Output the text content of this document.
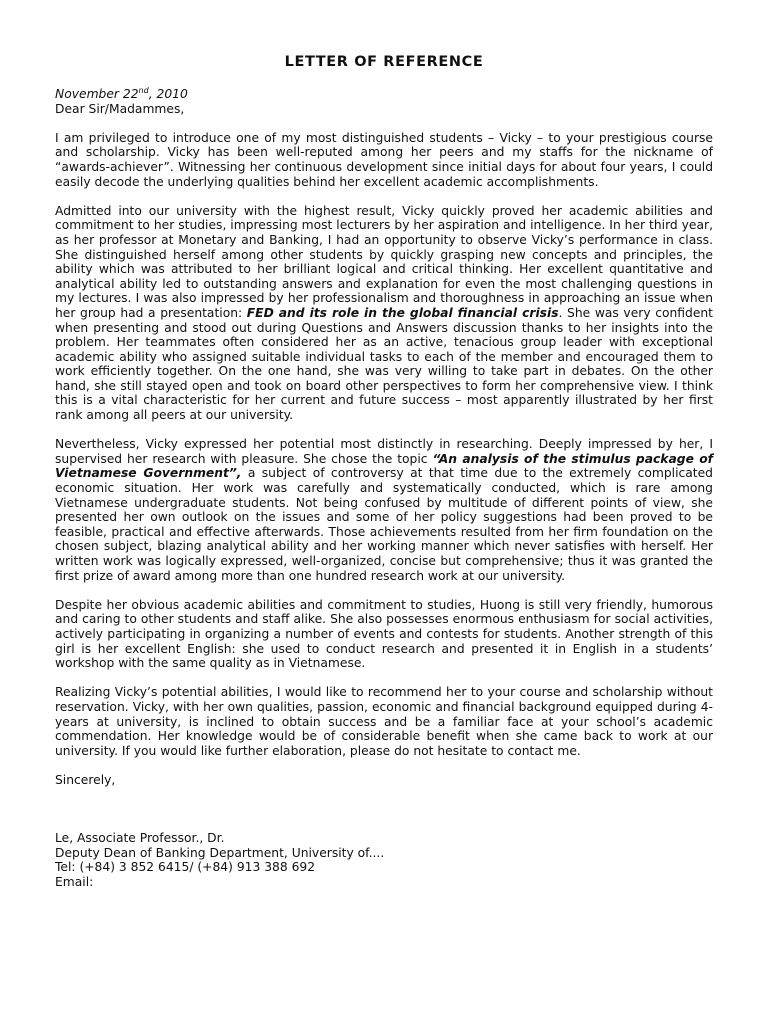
LETTER OF REFERENCE
November 22nd, 2010
Dear Sir/Madammes,

I am privileged to introduce one of my most distinguished students – Vicky – to your prestigious course and scholarship. Vicky has been well-reputed among her peers and my staffs for the nickname of “awards-achiever”. Witnessing her continuous development since initial days for about four years, I could easily decode the underlying qualities behind her excellent academic accomplishments.

Admitted into our university with the highest result, Vicky quickly proved her academic abilities and commitment to her studies, impressing most lecturers by her aspiration and intelligence. In her third year, as her professor at Monetary and Banking, I had an opportunity to observe Vicky’s performance in class. She distinguished herself among other students by quickly grasping new concepts and principles, the ability which was attributed to her brilliant logical and critical thinking. Her excellent quantitative and analytical ability led to outstanding answers and explanation for even the most challenging questions in my lectures. I was also impressed by her professionalism and thoroughness in approaching an issue when her group had a presentation: FED and its role in the global financial crisis. She was very confident when presenting and stood out during Questions and Answers discussion thanks to her insights into the problem. Her teammates often considered her as an active, tenacious group leader with exceptional academic ability who assigned suitable individual tasks to each of the member and encouraged them to work efficiently together. On the one hand, she was very willing to take part in debates. On the other hand, she still stayed open and took on board other perspectives to form her comprehensive view. I think this is a vital characteristic for her current and future success – most apparently illustrated by her first rank among all peers at our university.

Nevertheless, Vicky expressed her potential most distinctly in researching. Deeply impressed by her, I supervised her research with pleasure. She chose the topic “An analysis of the stimulus package of Vietnamese Government”, a subject of controversy at that time due to the extremely complicated economic situation. Her work was carefully and systematically conducted, which is rare among Vietnamese undergraduate students. Not being confused by multitude of different points of view, she presented her own outlook on the issues and some of her policy suggestions had been proved to be feasible, practical and effective afterwards. Those achievements resulted from her firm foundation on the chosen subject, blazing analytical ability and her working manner which never satisfies with herself. Her written work was logically expressed, well-organized, concise but comprehensive; thus it was granted the first prize of award among more than one hundred research work at our university.

Despite her obvious academic abilities and commitment to studies, Huong is still very friendly, humorous and caring to other students and staff alike. She also possesses enormous enthusiasm for social activities, actively participating in organizing a number of events and contests for students. Another strength of this girl is her excellent English: she used to conduct research and presented it in English in a students’ workshop with the same quality as in Vietnamese.

Realizing Vicky’s potential abilities, I would like to recommend her to your course and scholarship without reservation. Vicky, with her own qualities, passion, economic and financial background equipped during 4-years at university, is inclined to obtain success and be a familiar face at your school’s academic commendation. Her knowledge would be of considerable benefit when she came back to work at our university. If you would like further elaboration, please do not hesitate to contact me.

Sincerely,
Le, Associate Professor., Dr.
Deputy Dean of Banking Department, University of....
Tel: (+84) 3 852 6415/ (+84) 913 388 692
Email:
